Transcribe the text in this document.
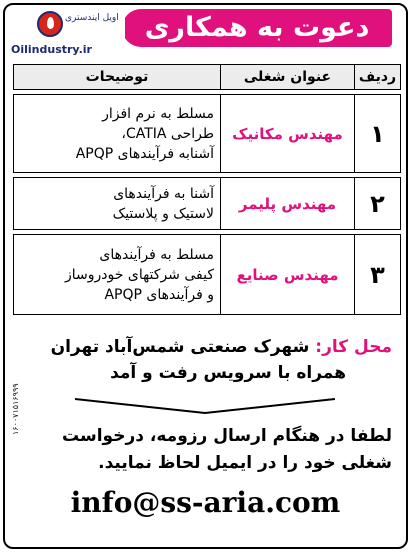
دعوت به همکاری
اویل ایندستری
Oilindustry.ir
ردیف	عنوان شغلی	توضیحات

۱	مهندس مکانیک	مسلط به نرم افزار
طراحی CATIA،
آشنابه فرآیندهای APQP

۲	مهندس پلیمر	آشنا به فرآیندهای
لاستیک و پلاستیک

۳	مهندس صنایع	مسلط به فرآیندهای
کیفی شرکتهای خودروساز
و فرآیندهای APQP
محل کار: شهرک صنعتی شمس‌آباد تهران
همراه با سرویس رفت و آمد
۱۶۰۰۷۱۵۱۶۹۹۹
لطفا در هنگام ارسال رزومه، درخواست
شغلی خود را در ایمیل لحاظ نمایید.
info@ss-aria.com
